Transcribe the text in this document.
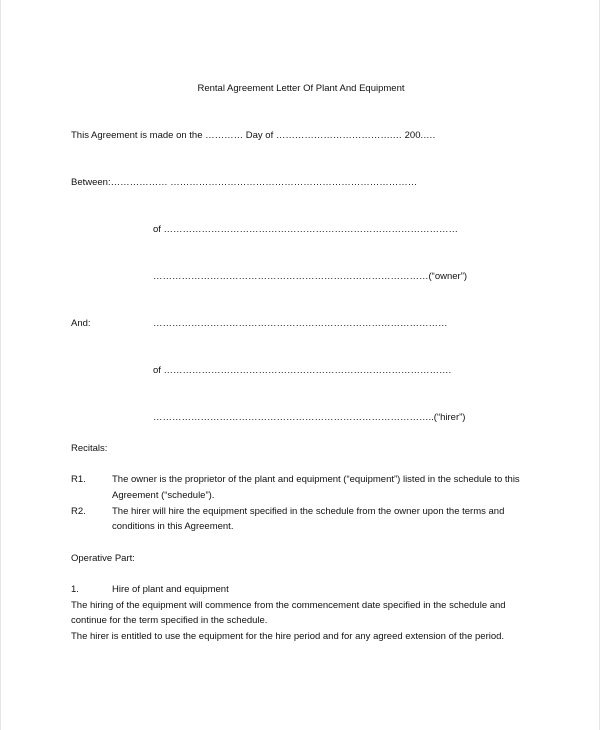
Rental Agreement Letter Of Plant And Equipment
This Agreement is made on the ………… Day of ……………………………….… 200.….
Between:……………… ……………………………………………………………………
of …………………………………………………………………………………
……………………………………………………………………………(“owner”)
And:	…………………………………………………………………………………
of ……………………………………………………………………………….
……………………………………………………………………………..(“hirer”)
Recitals:
R1.	The owner is the proprietor of the plant and equipment (“equipment”) listed in the schedule to this
Agreement (“schedule”).
R2.	The hirer will hire the equipment specified in the schedule from the owner upon the terms and
conditions in this Agreement.
Operative Part:
1.	Hire of plant and equipment
The hiring of the equipment will commence from the commencement date specified in the schedule and
continue for the term specified in the schedule.
The hirer is entitled to use the equipment for the hire period and for any agreed extension of the period.
